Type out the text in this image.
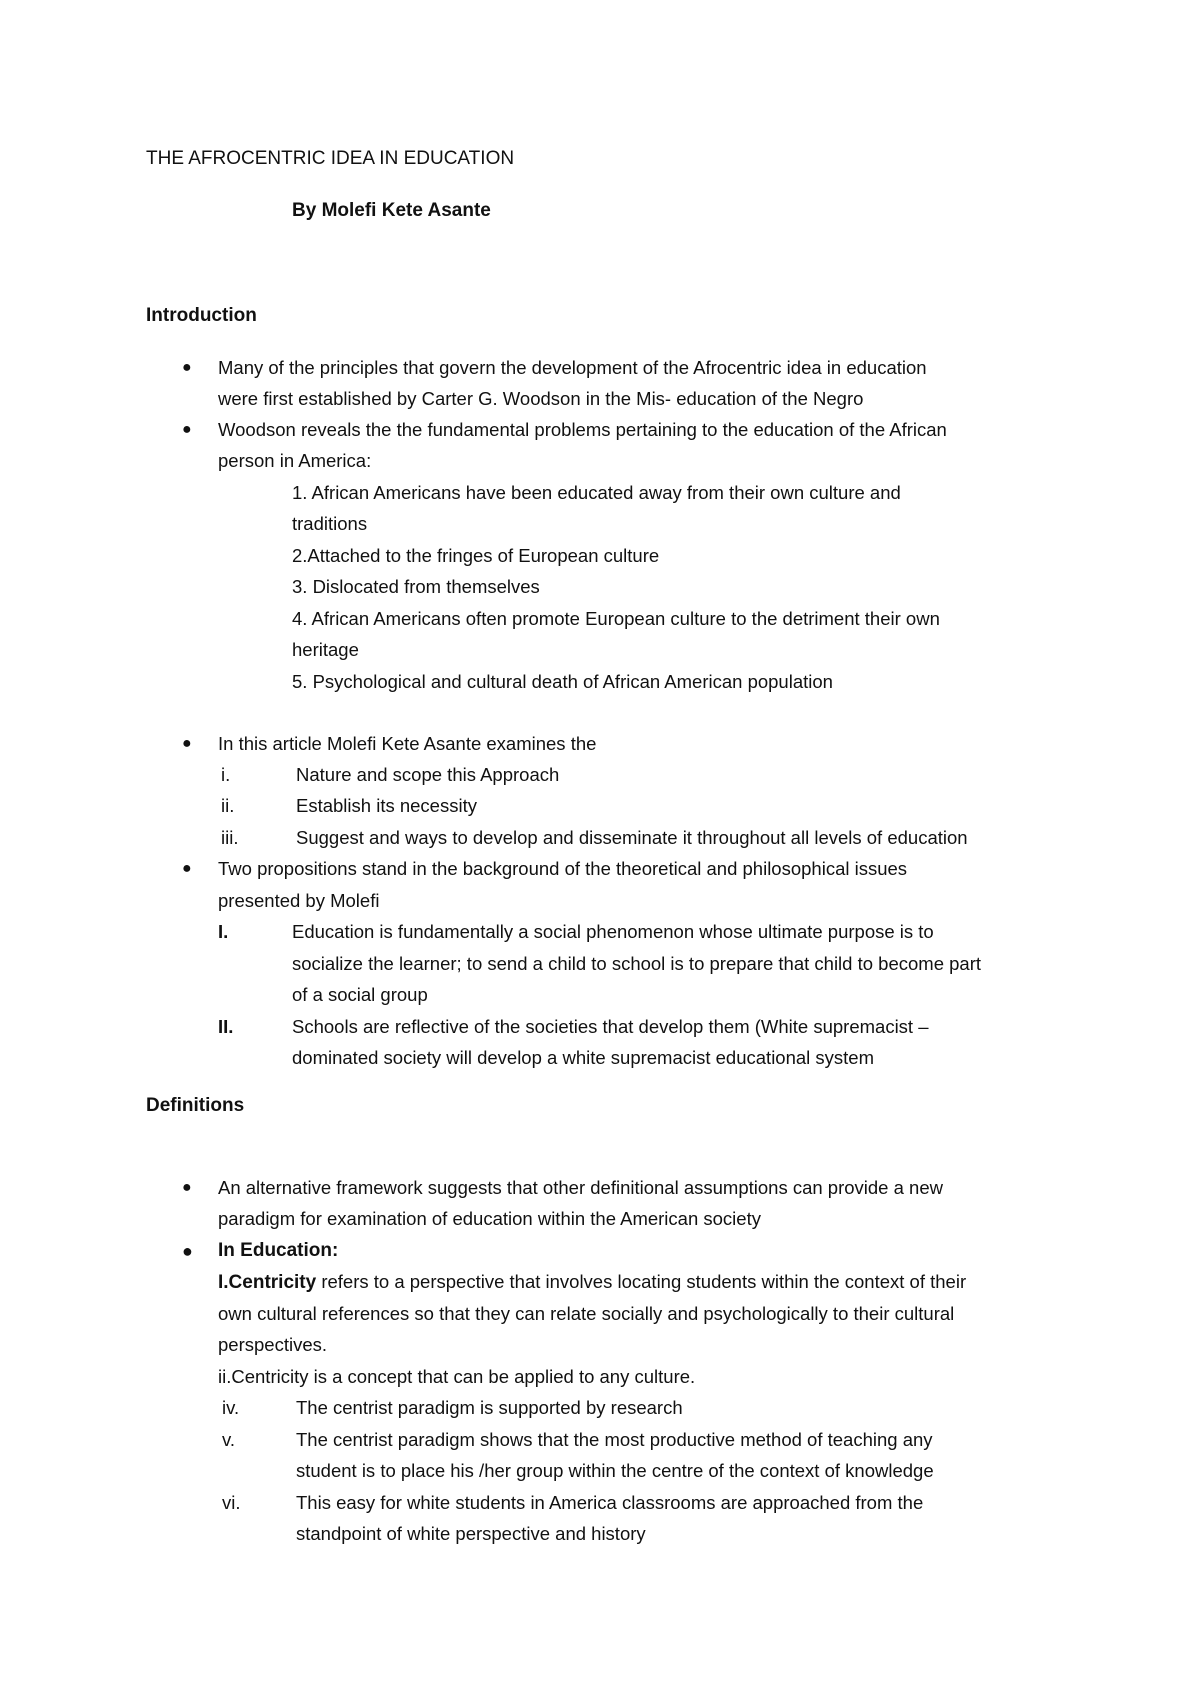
THE AFROCENTRIC IDEA IN EDUCATION

By Molefi Kete Asante

Introduction
● Many of the principles that govern the development of the Afrocentric idea in education
were first established by Carter G. Woodson in the Mis- education of the Negro
● Woodson reveals the the fundamental problems pertaining to the education of the African
person in America:
1. African Americans have been educated away from their own culture and
traditions
2.Attached to the fringes of European culture
3. Dislocated from themselves
4. African Americans often promote European culture to the detriment their own
heritage
5. Psychological and cultural death of African American population
● In this article Molefi Kete Asante examines the
i.	Nature and scope this Approach
ii.	Establish its necessity
iii.	Suggest and ways to develop and disseminate it throughout all levels of education
● Two propositions stand in the background of the theoretical and philosophical issues
presented by Molefi
I.	Education is fundamentally a social phenomenon whose ultimate purpose is to
socialize the learner; to send a child to school is to prepare that child to become part
of a social group
II.	Schools are reflective of the societies that develop them (White supremacist –
dominated society will develop a white supremacist educational system
Definitions
● An alternative framework suggests that other definitional assumptions can provide a new
paradigm for examination of education within the American society
● In Education:
I.Centricity refers to a perspective that involves locating students within the context of their
own cultural references so that they can relate socially and psychologically to their cultural
perspectives.
ii.Centricity is a concept that can be applied to any culture.
iv.	The centrist paradigm is supported by research
v.	The centrist paradigm shows that the most productive method of teaching any
student is to place his /her group within the centre of the context of knowledge
vi.	This easy for white students in America classrooms are approached from the
standpoint of white perspective and history
